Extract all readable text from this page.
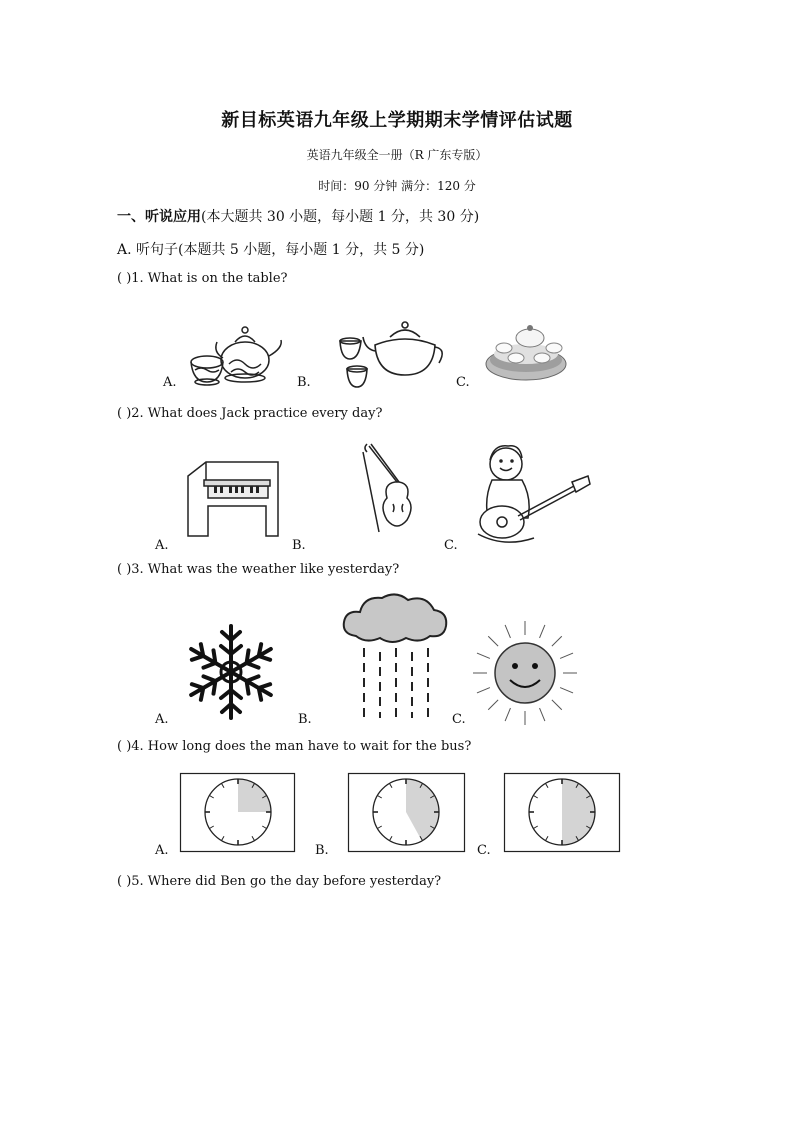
新目标英语九年级上学期期末学情评估试题
英语九年级全一册（R 广东专版）
时间：90 分钟 满分：120 分
一、听说应用(本大题共 30 小题，每小题 1 分，共 30 分)
A. 听句子(本题共 5 小题，每小题 1 分，共 5 分)
( )1. What is on the table?
A.	B.	C.
( )2. What does Jack practice every day?
A.	B.	C.
( )3. What was the weather like yesterday?
A.	B.	C.
( )4. How long does the man have to wait for the bus?
A.	B.	C.
( )5. Where did Ben go the day before yesterday?
